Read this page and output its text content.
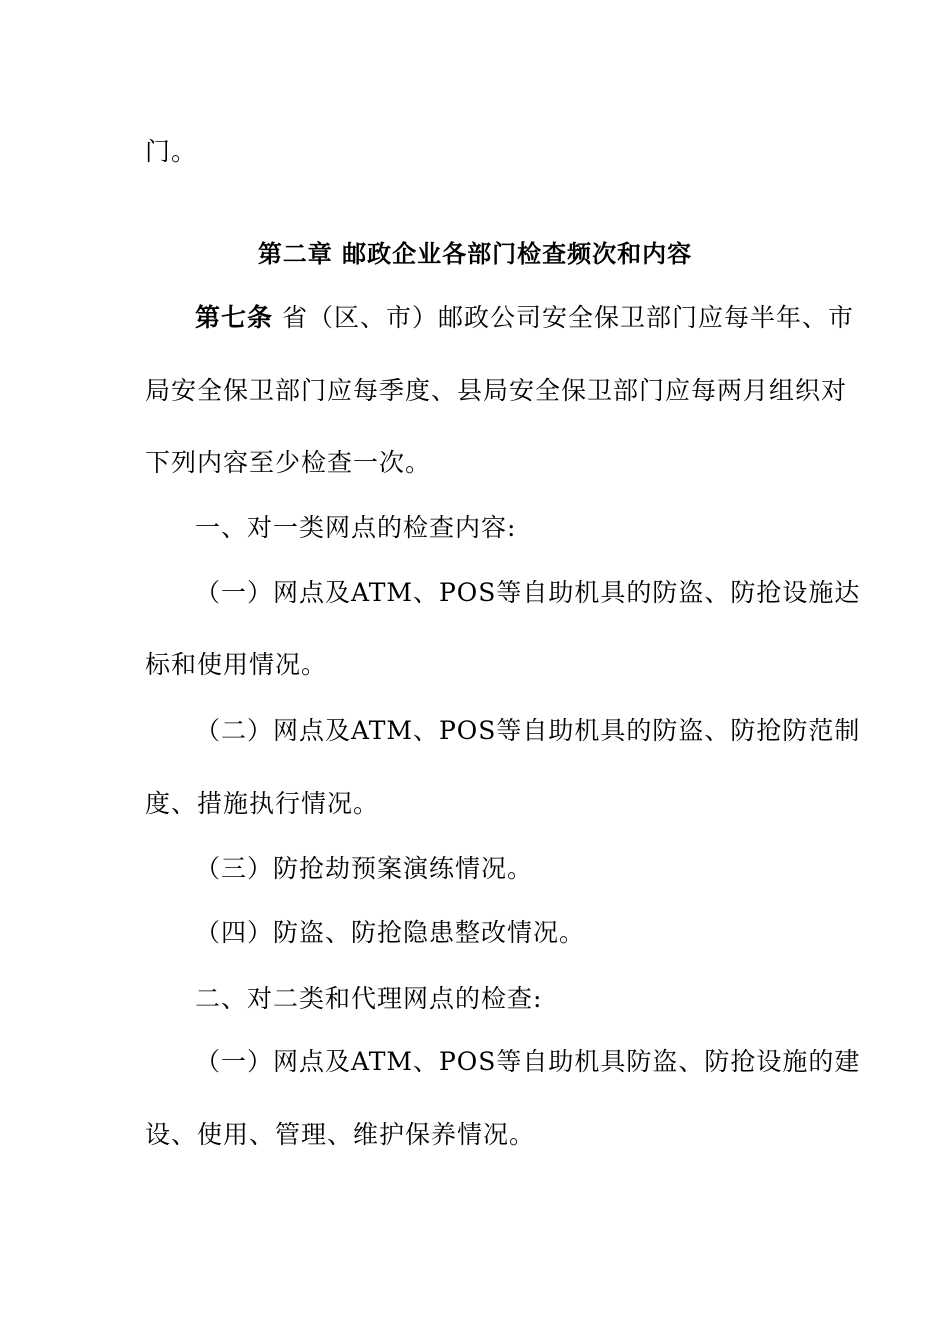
门。
第二章 邮政企业各部门检查频次和内容
第七条 省（区、市）邮政公司安全保卫部门应每半年、市
局安全保卫部门应每季度、县局安全保卫部门应每两月组织对
下列内容至少检查一次。
一、对一类网点的检查内容:
（一）网点及ATM、POS等自助机具的防盗、防抢设施达
标和使用情况。
（二）网点及ATM、POS等自助机具的防盗、防抢防范制
度、措施执行情况。
（三）防抢劫预案演练情况。
（四）防盗、防抢隐患整改情况。
二、对二类和代理网点的检查:
（一）网点及ATM、POS等自助机具防盗、防抢设施的建
设、使用、管理、维护保养情况。
